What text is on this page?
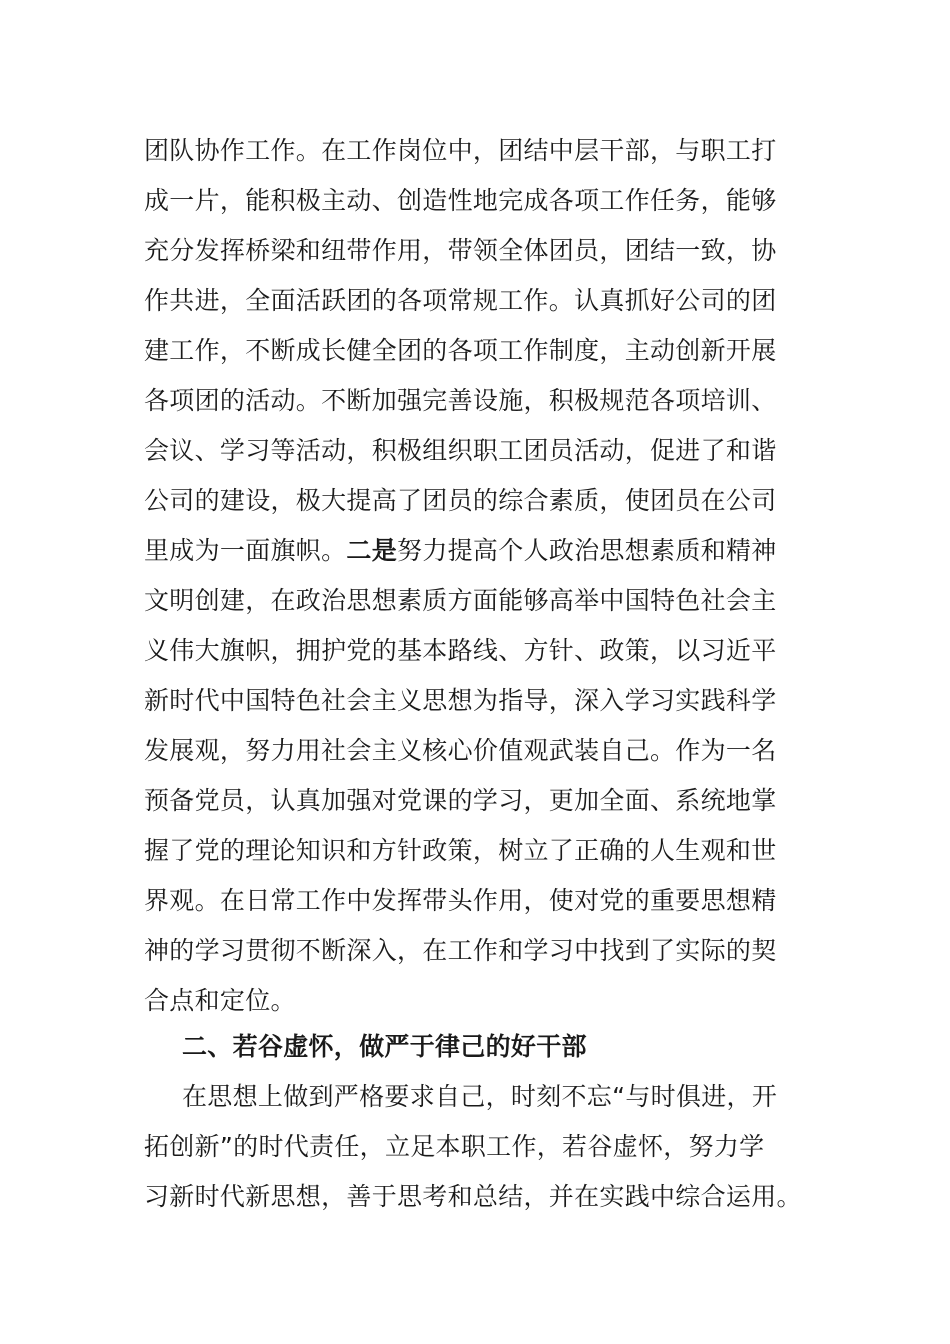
团队协作工作。在工作岗位中，团结中层干部，与职工打
成一片，能积极主动、创造性地完成各项工作任务，能够
充分发挥桥梁和纽带作用，带领全体团员，团结一致，协
作共进，全面活跃团的各项常规工作。认真抓好公司的团
建工作，不断成长健全团的各项工作制度，主动创新开展
各项团的活动。不断加强完善设施，积极规范各项培训、
会议、学习等活动，积极组织职工团员活动，促进了和谐
公司的建设，极大提高了团员的综合素质，使团员在公司
里成为一面旗帜。二是努力提高个人政治思想素质和精神
文明创建，在政治思想素质方面能够高举中国特色社会主
义伟大旗帜，拥护党的基本路线、方针、政策，以习近平
新时代中国特色社会主义思想为指导，深入学习实践科学
发展观，努力用社会主义核心价值观武装自己。作为一名
预备党员，认真加强对党课的学习，更加全面、系统地掌
握了党的理论知识和方针政策，树立了正确的人生观和世
界观。在日常工作中发挥带头作用，使对党的重要思想精
神的学习贯彻不断深入，在工作和学习中找到了实际的契
合点和定位。
二、若谷虚怀，做严于律己的好干部
在思想上做到严格要求自己，时刻不忘“与时俱进，开
拓创新”的时代责任，立足本职工作，若谷虚怀，努力学
习新时代新思想，善于思考和总结，并在实践中综合运用。
